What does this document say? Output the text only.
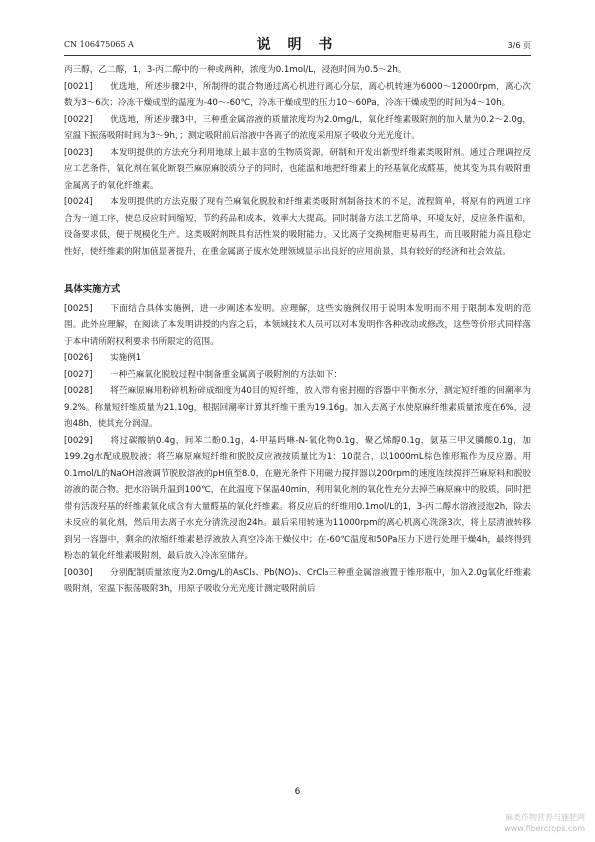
CN 106475065 A	说 明 书	3/6 页

丙三醇，乙二醇，1，3-丙二醇中的一种或两种，浓度为0.1mol/L，浸泡时间为0.5～2h。

[0021] 优选地，所述步骤2中，所制得的混合物通过离心机进行离心分层，离心机转速为6000～12000rpm，离心次数为3～6次；冷冻干燥成型的温度为-40～-60℃，冷冻干燥成型的压力10～60Pa，冷冻干燥成型的时间为4～10h。

[0022] 优选地，所述步骤3中，三种重金属溶液的质量浓度均为2.0mg/L，氧化纤维素吸附剂的加入量为0.2～2.0g，室温下振荡吸附时间为3～9h，；测定吸附前后溶液中各离子的浓度采用原子吸收分光光度计。

[0023] 本发明提供的方法充分利用地球上最丰富的生物质资源，研制和开发出新型纤维素类吸附剂。通过合理调控反应工艺条件，氧化剂在氧化断裂苎麻原麻胶质分子的同时，也能温和地把纤维素上的羟基氧化成醛基，使其变为具有吸附重金属离子的氧化纤维素。

[0024] 本发明提供的方法克服了现有苎麻氧化脱胶和纤维素类吸附剂制备技术的不足，流程简单，将原有的两道工序合为一道工序，使总反应时间缩短，节约药品和成本，效率大大提高。同时制备方法工艺简单，环境友好，反应条件温和，设备要求低，便于规模化生产。这类吸附剂既具有活性炭的吸附能力，又比离子交换树脂更易再生，而且吸附能力高且稳定性好，使纤维素的附加值显著提升，在重金属离子废水处理领域显示出良好的应用前景，具有较好的经济和社会效益。

具体实施方式

[0025] 下面结合具体实施例，进一步阐述本发明。应理解，这些实施例仅用于说明本发明而不用于限制本发明的范围。此外应理解，在阅读了本发明讲授的内容之后，本领域技术人员可以对本发明作各种改动或修改，这些等价形式同样落于本申请所附权利要求书所限定的范围。

[0026] 实施例1

[0027] 一种苎麻氧化脱胶过程中制备重金属离子吸附剂的方法如下：

[0028] 将苎麻原麻用粉碎机粉碎成细度为40目的短纤维，放入带有密封圈的容器中平衡水分，测定短纤维的回潮率为9.2%。称量短纤维质量为21.10g，根据回潮率计算其纤维干重为19.16g。加入去离子水使原麻纤维素质量浓度在6%，浸泡48h，使其充分润湿。

[0029] 将过碳酸钠0.4g，间苯二酚0.1g，4-甲基吗啉-N-氧化物0.1g，聚乙烯醇0.1g，氨基三甲叉膦酸0.1g，加199.2g水配成脱胶液；将苎麻原麻短纤维和脱胶反应液按质量比为1：10混合，以1000mL棕色锥形瓶作为反应器。用0.1mol/L的NaOH溶液调节脱胶溶液的pH值至8.0，在避光条件下用磁力搅拌器以200rpm的速度连续搅拌苎麻原料和脱胶溶液的混合物。把水浴锅升温到100℃，在此温度下保温40min，利用氧化剂的氧化性充分去掉苎麻原麻中的胶质，同时把带有活泼羟基的纤维素氧化成含有大量醛基的氧化纤维素。将反应后的纤维用0.1mol/L的1，3-丙二醇水溶液浸泡2h，除去未反应的氧化剂，然后用去离子水充分清洗浸泡24h。最后采用转速为11000rpm的离心机离心洗涤3次，将上层清液转移到另一容器中，剩余的浓缩纤维素悬浮液放入真空冷冻干燥仪中；在-60℃温度和50Pa压力下进行处理干燥4h，最终得到粉态的氧化纤维素吸附剂，最后放入冷冻室储存。

[0030] 分别配制质量浓度为2.0mg/L的AsCl₃、Pb(NO)₃、CrCl₃三种重金属溶液置于锥形瓶中，加入2.0g氧化纤维素吸附剂，室温下振荡吸附3h，用原子吸收分光光度计测定吸附前后

6
麻类作物营养与施肥网
www.fibercrops.com
